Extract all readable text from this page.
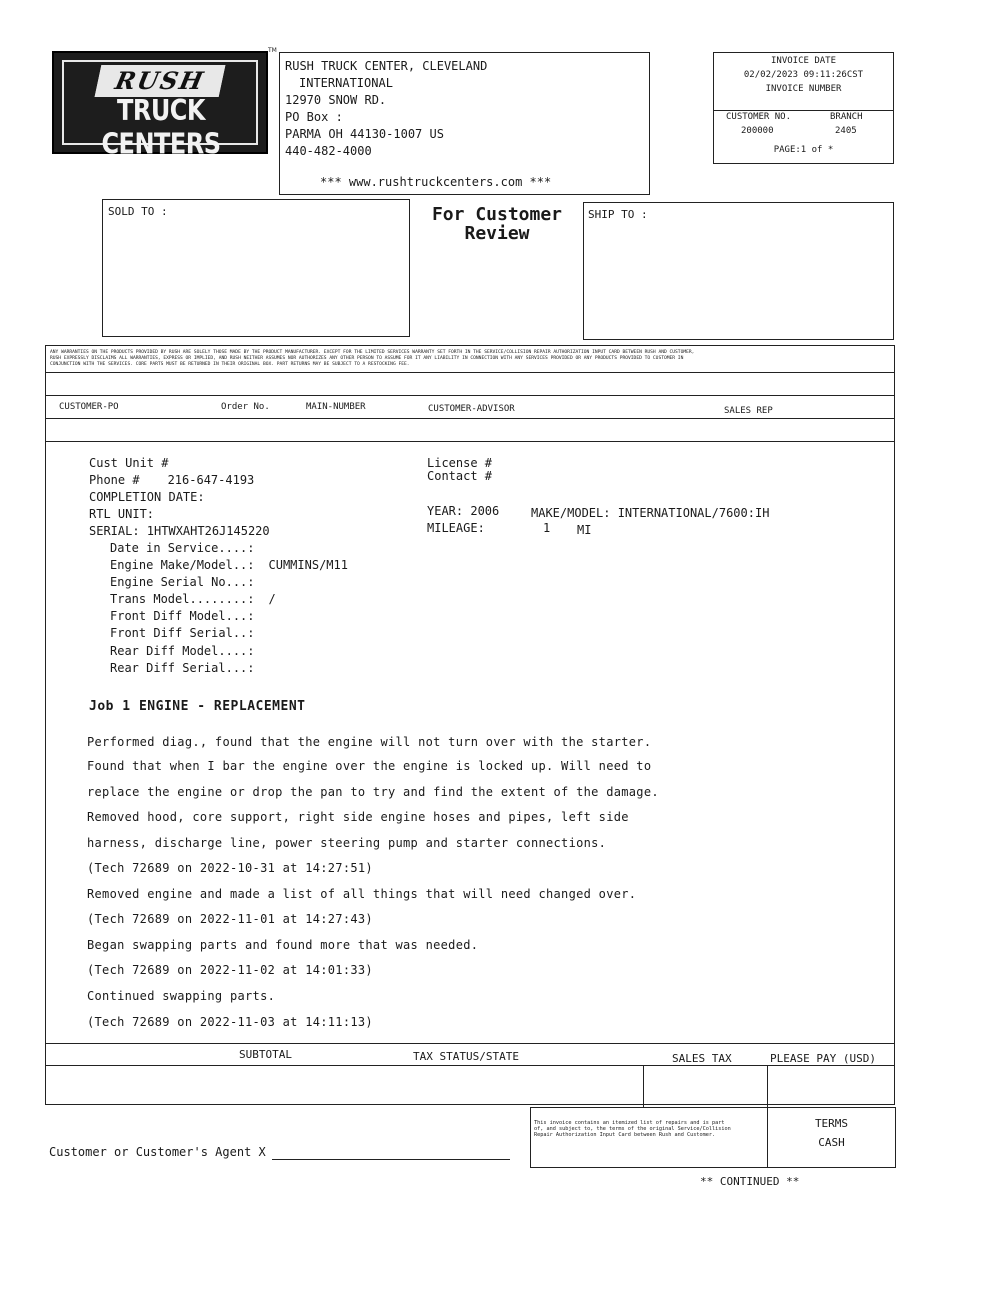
RUSH
TRUCK CENTERS
TM
RUSH TRUCK CENTER, CLEVELAND
INTERNATIONAL
12970 SNOW RD.
PO Box :
PARMA OH 44130-1007 US
440-482-4000
*** www.rushtruckcenters.com ***
INVOICE DATE
02/02/2023 09:11:26CST
INVOICE NUMBER
CUSTOMER NO.	BRANCH
200000	2405
PAGE:1 of *
SOLD TO :	For Customer
Review
SHIP TO :
ANY WARRANTIES ON THE PRODUCTS PROVIDED BY RUSH ARE SOLELY THOSE MADE BY THE PRODUCT MANUFACTURER. EXCEPT FOR THE LIMITED SERVICES WARRANTY SET FORTH IN THE SERVICE/COLLISION REPAIR AUTHORIZATION INPUT CARD BETWEEN RUSH AND CUSTOMER,
RUSH EXPRESSLY DISCLAIMS ALL WARRANTIES, EXPRESS OR IMPLIED, AND RUSH NEITHER ASSUMES NOR AUTHORIZES ANY OTHER PERSON TO ASSUME FOR IT ANY LIABILITY IN CONNECTION WITH ANY SERVICES PROVIDED OR ANY PRODUCTS PROVIDED TO CUSTOMER IN
CONJUNCTION WITH THE SERVICES. CORE PARTS MUST BE RETURNED IN THEIR ORIGINAL BOX. PART RETURNS MAY BE SUBJECT TO A RESTOCKING FEE.
CUSTOMER-PO	Order No.	MAIN-NUMBER	CUSTOMER-ADVISOR	SALES REP
Cust Unit #
Phone # 216-647-4193
COMPLETION DATE:
RTL UNIT:
SERIAL: 1HTWXAHT26J145220
License #
Contact #
YEAR: 2006	MAKE/MODEL: INTERNATIONAL/7600:IH
MILEAGE:	1 MI
Date in Service....:
Engine Make/Model..: CUMMINS/M11
Engine Serial No...:
Trans Model........: /
Front Diff Model...:
Front Diff Serial..:
Rear Diff Model....:
Rear Diff Serial...:
Job 1 ENGINE - REPLACEMENT
Performed diag., found that the engine will not turn over with the starter.
Found that when I bar the engine over the engine is locked up. Will need to
replace the engine or drop the pan to try and find the extent of the damage.
Removed hood, core support, right side engine hoses and pipes, left side
harness, discharge line, power steering pump and starter connections.
(Tech 72689 on 2022-10-31 at 14:27:51)
Removed engine and made a list of all things that will need changed over.
(Tech 72689 on 2022-11-01 at 14:27:43)
Began swapping parts and found more that was needed.
(Tech 72689 on 2022-11-02 at 14:01:33)
Continued swapping parts.
(Tech 72689 on 2022-11-03 at 14:11:13)
SUBTOTAL	TAX STATUS/STATE	SALES TAX	PLEASE PAY (USD)
This invoice contains an itemized list of repairs and is part
of, and subject to, the terms of the original Service/Collision
Repair Authorization Input Card between Rush and Customer.
TERMS
CASH
Customer or Customer's Agent X
** CONTINUED **
